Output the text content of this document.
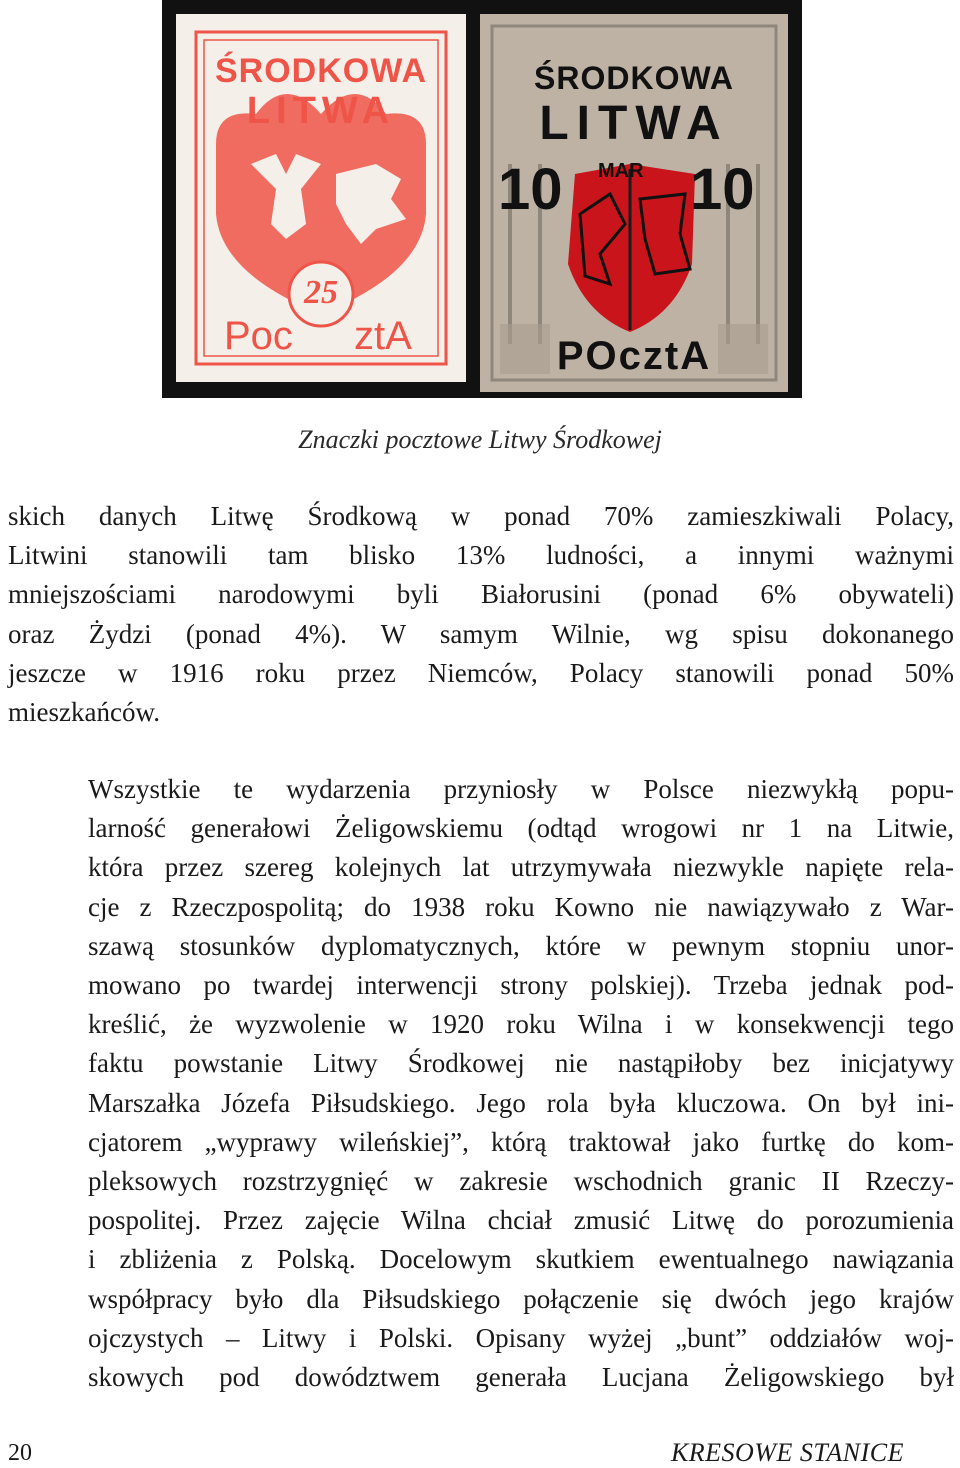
ŚRODKOWA
LITWA
25
Poc ztA
ŚRODKOWA
LITWA
10 MAR 10
POcztA
Znaczki pocztowe Litwy Środkowej
skich danych Litwę Środkową w ponad 70% zamieszkiwali Polacy,
Litwini stanowili tam blisko 13% ludności, a innymi ważnymi
mniejszościami narodowymi byli Białorusini (ponad 6% obywateli)
oraz Żydzi (ponad 4%). W samym Wilnie, wg spisu dokonanego
jeszcze w 1916 roku przez Niemców, Polacy stanowili ponad 50%
mieszkańców.
Wszystkie te wydarzenia przyniosły w Polsce niezwykłą popu-
larność generałowi Żeligowskiemu (odtąd wrogowi nr 1 na Litwie,
która przez szereg kolejnych lat utrzymywała niezwykle napięte rela-
cje z Rzeczpospolitą; do 1938 roku Kowno nie nawiązywało z War-
szawą stosunków dyplomatycznych, które w pewnym stopniu unor-
mowano po twardej interwencji strony polskiej). Trzeba jednak pod-
kreślić, że wyzwolenie w 1920 roku Wilna i w konsekwencji tego
faktu powstanie Litwy Środkowej nie nastąpiłoby bez inicjatywy
Marszałka Józefa Piłsudskiego. Jego rola była kluczowa. On był ini-
cjatorem „wyprawy wileńskiej”, którą traktował jako furtkę do kom-
pleksowych rozstrzygnięć w zakresie wschodnich granic II Rzeczy-
pospolitej. Przez zajęcie Wilna chciał zmusić Litwę do porozumienia
i zbliżenia z Polską. Docelowym skutkiem ewentualnego nawiązania
współpracy było dla Piłsudskiego połączenie się dwóch jego krajów
ojczystych – Litwy i Polski. Opisany wyżej „bunt” oddziałów woj-
skowych pod dowództwem generała Lucjana Żeligowskiego był
20	KRESOWE STANICE
